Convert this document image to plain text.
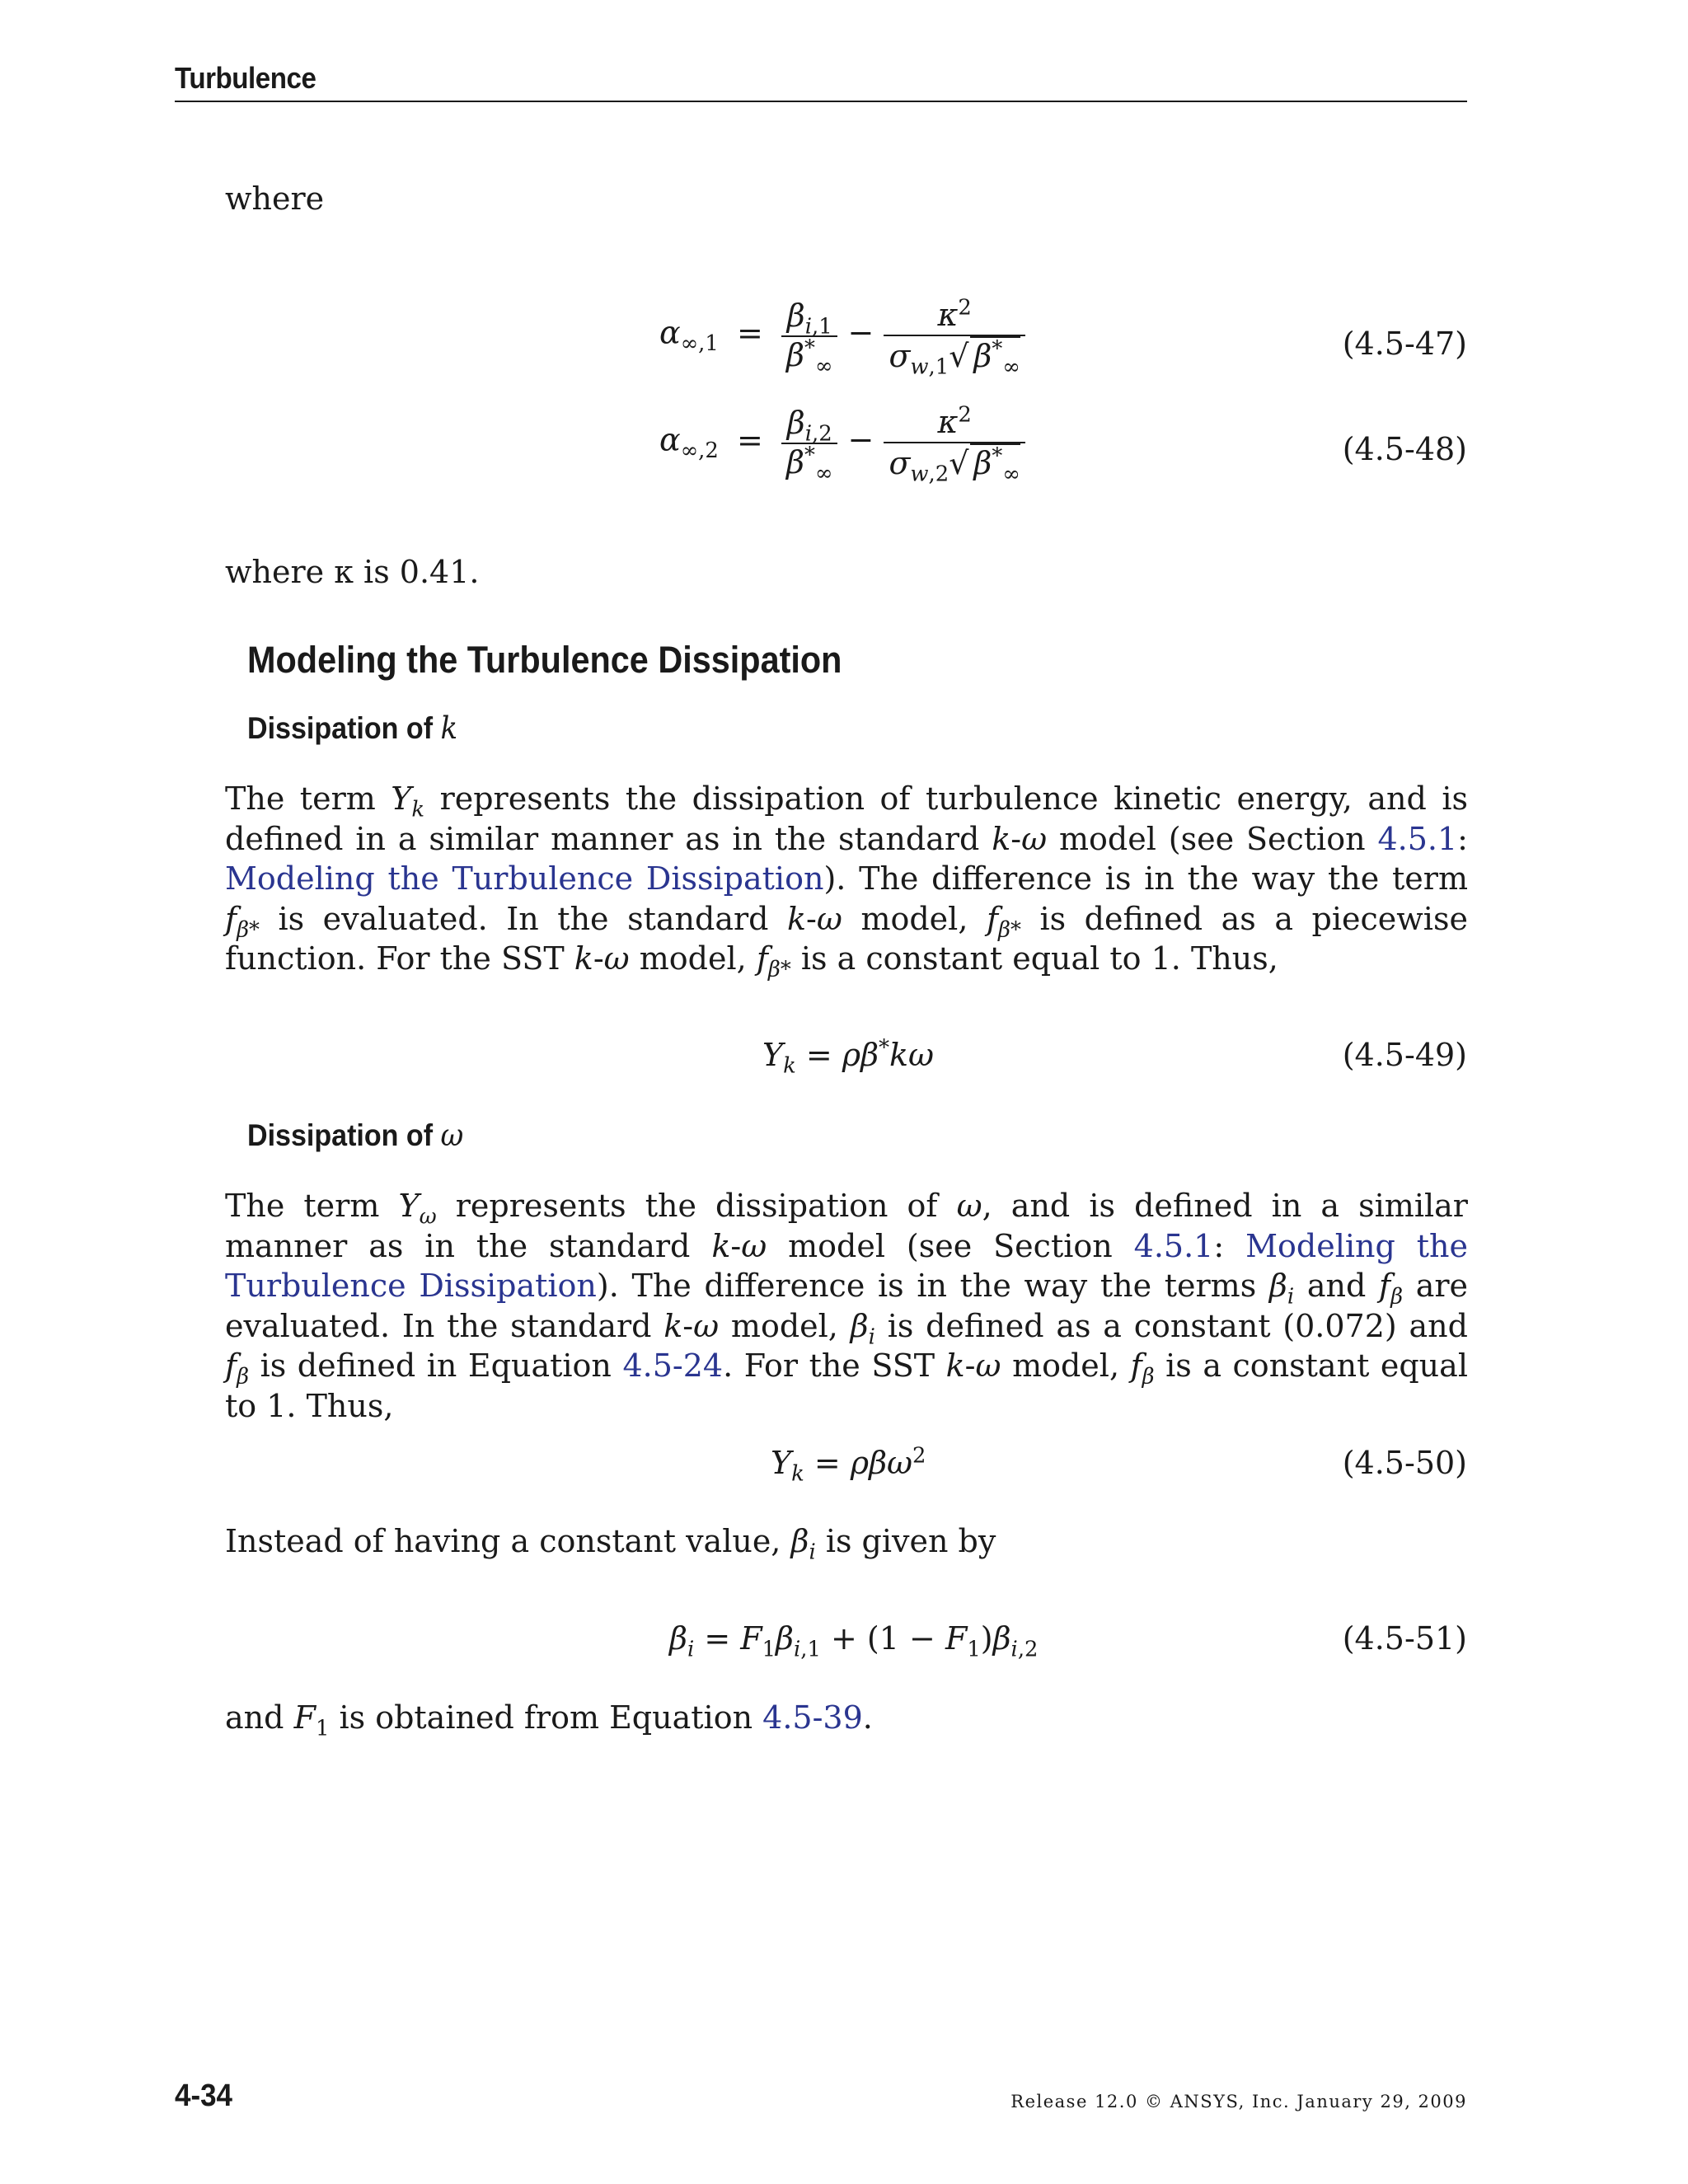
Turbulence
where
$\alpha_{\infty,1} = \frac{\beta_{i,1}}{\beta^*_\infty} - \frac{\kappa^2}{\sigma_{w,1}√ \beta^*_\infty}$	(4.5-47)
$\alpha_{\infty,2} = \frac{\beta_{i,2}}{\beta^*_\infty} - \frac{\kappa^2}{\sigma_{w,2}√ \beta^*_\infty}$	(4.5-48)
where κ is 0.41.
Modeling the Turbulence Dissipation
Dissipation of k

The term $Y_k$ represents the dissipation of turbulence kinetic energy, and is defined in a similar manner as in the standard k-ω model (see Section 4.5.1: Modeling the Turbulence Dissipation). The difference is in the way the term $f_{\beta*}$ is evaluated. In the standard k-ω model, $f_{\beta*}$ is defined as a piecewise function. For the SST k-ω model, $f_{\beta*}$ is a constant equal to 1. Thus,

$Y_k = \rho\beta^*k\omega$	(4.5-49)
Dissipation of ω

The term $Y_\omega$ represents the dissipation of ω, and is defined in a similar manner as in the standard k-ω model (see Section 4.5.1: Modeling the Turbulence Dissipation). The difference is in the way the terms $\beta_i$ and $f_\beta$ are evaluated. In the standard k-ω model, $\beta_i$ is defined as a constant (0.072) and $f_\beta$ is defined in Equation 4.5-24. For the SST k-ω model, $f_\beta$ is a constant equal to 1. Thus,

$Y_k = \rho\beta\omega^2$	(4.5-50)
Instead of having a constant value, $\beta_i$ is given by
$\beta_i = F_1\beta_{i,1} + (1 - F_1)\beta_{i,2}$	(4.5-51)
and $F_1$ is obtained from Equation 4.5-39.
4-34	Release 12.0 © ANSYS, Inc. January 29, 2009
